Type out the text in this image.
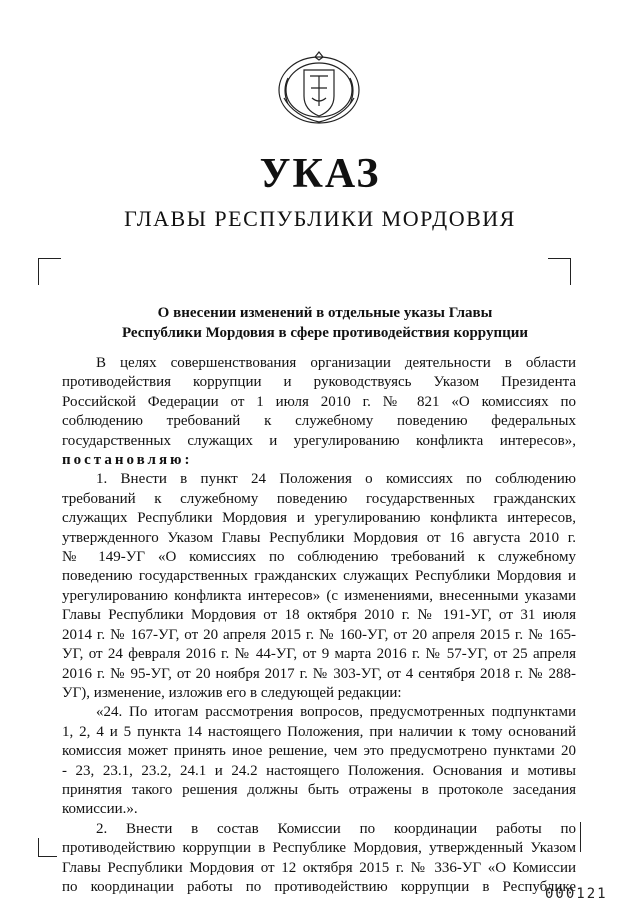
УКАЗ
ГЛАВЫ РЕСПУБЛИКИ МОРДОВИЯ
О внесении изменений в отдельные указы Главы
Республики Мордовия в сфере противодействия коррупции

В целях совершенствования организации деятельности в области

противодействия коррупции и руководствуясь Указом Президента

Российской Федерации от 1 июля 2010 г. № 821 «О комиссиях по

соблюдению требований к служебному поведению федеральных

государственных служащих и урегулированию конфликта интересов»,

постановляю:

1. Внести в пункт 24 Положения о комиссиях по соблюдению

требований к служебному поведению государственных гражданских

служащих Республики Мордовия и урегулированию конфликта интересов,

утвержденного Указом Главы Республики Мордовия от 16 августа 2010 г.

№ 149-УГ «О комиссиях по соблюдению требований к служебному

поведению государственных гражданских служащих Республики Мордовия и

урегулированию конфликта интересов» (с изменениями, внесенными указами

Главы Республики Мордовия от 18 октября 2010 г. № 191-УГ, от 31 июля

2014 г. № 167-УГ, от 20 апреля 2015 г. № 160-УГ, от 20 апреля 2015 г. № 165-

УГ, от 24 февраля 2016 г. № 44-УГ, от 9 марта 2016 г. № 57-УГ, от 25 апреля

2016 г. № 95-УГ, от 20 ноября 2017 г. № 303-УГ, от 4 сентября 2018 г. № 288-

УГ), изменение, изложив его в следующей редакции:

«24. По итогам рассмотрения вопросов, предусмотренных подпунктами

1, 2, 4 и 5 пункта 14 настоящего Положения, при наличии к тому оснований

комиссия может принять иное решение, чем это предусмотрено пунктами 20

- 23, 23.1, 23.2, 24.1 и 24.2 настоящего Положения. Основания и мотивы

принятия такого решения должны быть отражены в протоколе заседания

комиссии.».

2. Внести в состав Комиссии по координации работы по

противодействию коррупции в Республике Мордовия, утвержденный Указом

Главы Республики Мордовия от 12 октября 2015 г. № 336-УГ «О Комиссии

по координации работы по противодействию коррупции в Республике

000121
